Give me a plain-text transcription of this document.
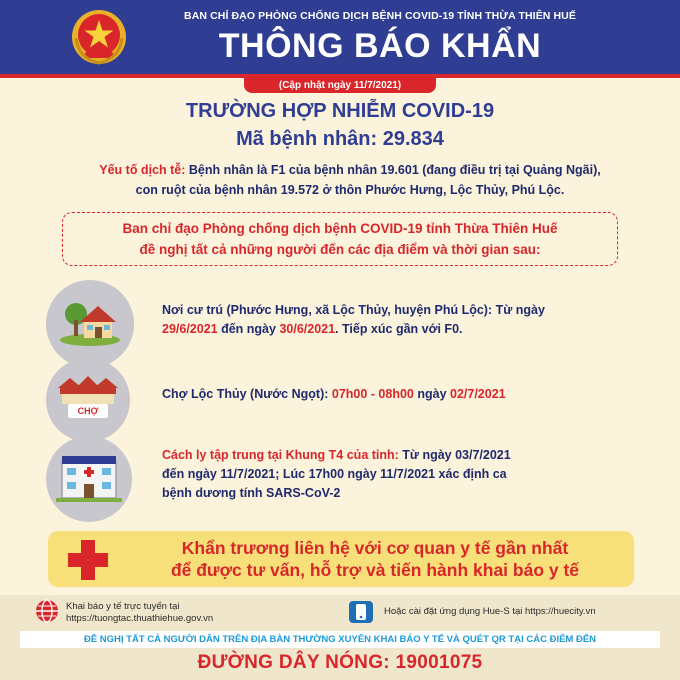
BAN CHỈ ĐẠO PHÒNG CHỐNG DỊCH BỆNH COVID-19 TỈNH THỪA THIÊN HUẾ
THÔNG BÁO KHẨN
(Cập nhật ngày 11/7/2021)
TRƯỜNG HỢP NHIỄM COVID-19
Mã bệnh nhân: 29.834
Yếu tố dịch tễ: Bệnh nhân là F1 của bệnh nhân 19.601 (đang điều trị tại Quảng Ngãi),
con ruột của bệnh nhân 19.572 ở thôn Phước Hưng, Lộc Thủy, Phú Lộc.
Ban chỉ đạo Phòng chống dịch bệnh COVID-19 tỉnh Thừa Thiên Huế
đề nghị tất cả những người đến các địa điểm và thời gian sau:
Nơi cư trú (Phước Hưng, xã Lộc Thủy, huyện Phú Lộc): Từ ngày
29/6/2021 đến ngày 30/6/2021. Tiếp xúc gần với F0.
CHỢ
Chợ Lộc Thủy (Nước Ngọt): 07h00 - 08h00 ngày 02/7/2021
Cách ly tập trung tại Khung T4 của tỉnh: Từ ngày 03/7/2021
đến ngày 11/7/2021; Lúc 17h00 ngày 11/7/2021 xác định ca
bệnh dương tính SARS-CoV-2
Khẩn trương liên hệ với cơ quan y tế gần nhất
để được tư vấn, hỗ trợ và tiến hành khai báo y tế
Khai báo y tế trực tuyến tại
https://tuongtac.thuathiehue.gov.vn
Hoặc cài đặt ứng dụng Hue-S tại https://huecity.vn
ĐỀ NGHỊ TẤT CẢ NGƯỜI DÂN TRÊN ĐỊA BÀN THƯỜNG XUYÊN KHAI BÁO Y TẾ VÀ QUÉT QR TẠI CÁC ĐIỂM ĐẾN
ĐƯỜNG DÂY NÓNG: 19001075
